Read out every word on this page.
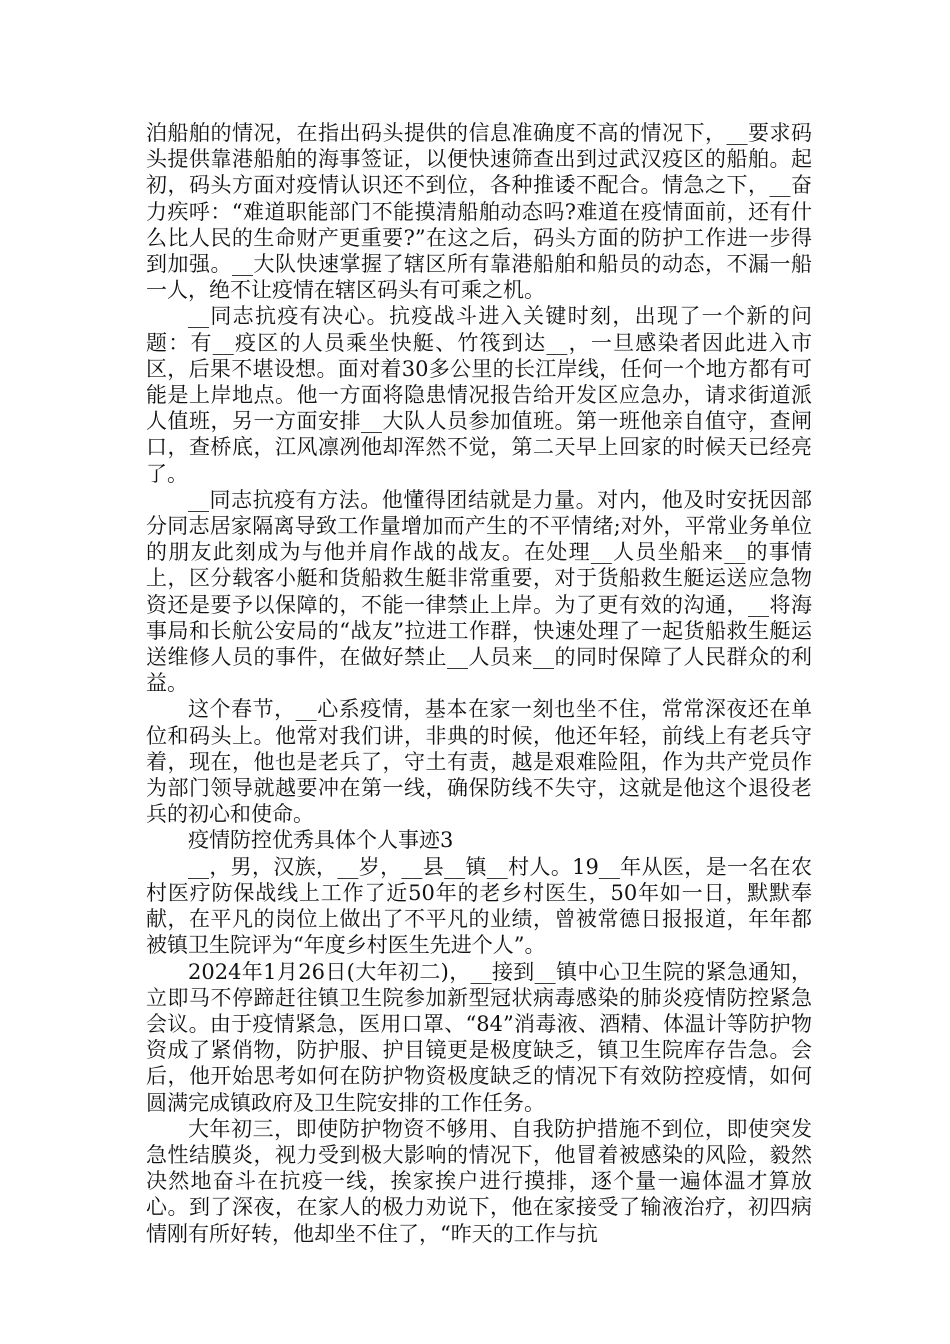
泊船舶的情况，在指出码头提供的信息准确度不高的情况下，__要求码头提供靠港船舶的海事签证，以便快速筛查出到过武汉疫区的船舶。起初，码头方面对疫情认识还不到位，各种推诿不配合。情急之下，__奋力疾呼：“难道职能部门不能摸清船舶动态吗?难道在疫情面前，还有什么比人民的生命财产更重要?”在这之后，码头方面的防护工作进一步得到加强。__大队快速掌握了辖区所有靠港船舶和船员的动态，不漏一船一人，绝不让疫情在辖区码头有可乘之机。

__同志抗疫有决心。抗疫战斗进入关键时刻，出现了一个新的问题：有__疫区的人员乘坐快艇、竹筏到达__，一旦感染者因此进入市区，后果不堪设想。面对着30多公里的长江岸线，任何一个地方都有可能是上岸地点。他一方面将隐患情况报告给开发区应急办，请求街道派人值班，另一方面安排__大队人员参加值班。第一班他亲自值守，查闸口，查桥底，江风凛冽他却浑然不觉，第二天早上回家的时候天已经亮了。

__同志抗疫有方法。他懂得团结就是力量。对内，他及时安抚因部分同志居家隔离导致工作量增加而产生的不平情绪;对外，平常业务单位的朋友此刻成为与他并肩作战的战友。在处理__人员坐船来__的事情上，区分载客小艇和货船救生艇非常重要，对于货船救生艇运送应急物资还是要予以保障的，不能一律禁止上岸。为了更有效的沟通，__将海事局和长航公安局的“战友”拉进工作群，快速处理了一起货船救生艇运送维修人员的事件，在做好禁止__人员来__的同时保障了人民群众的利益。

这个春节，__心系疫情，基本在家一刻也坐不住，常常深夜还在单位和码头上。他常对我们讲，非典的时候，他还年轻，前线上有老兵守着，现在，他也是老兵了，守土有责，越是艰难险阻，作为共产党员作为部门领导就越要冲在第一线，确保防线不失守，这就是他这个退役老兵的初心和使命。

疫情防控优秀具体个人事迹3

__，男，汉族，__岁，__县__镇__村人。19__年从医，是一名在农村医疗防保战线上工作了近50年的老乡村医生，50年如一日，默默奉献，在平凡的岗位上做出了不平凡的业绩，曾被常德日报报道，年年都被镇卫生院评为“年度乡村医生先进个人”。

2024年1月26日(大年初二)，__接到__镇中心卫生院的紧急通知，立即马不停蹄赶往镇卫生院参加新型冠状病毒感染的肺炎疫情防控紧急会议。由于疫情紧急，医用口罩、“84”消毒液、酒精、体温计等防护物资成了紧俏物，防护服、护目镜更是极度缺乏，镇卫生院库存告急。会后，他开始思考如何在防护物资极度缺乏的情况下有效防控疫情，如何圆满完成镇政府及卫生院安排的工作任务。

大年初三，即使防护物资不够用、自我防护措施不到位，即使突发急性结膜炎，视力受到极大影响的情况下，他冒着被感染的风险，毅然决然地奋斗在抗疫一线，挨家挨户进行摸排，逐个量一遍体温才算放心。到了深夜，在家人的极力劝说下，他在家接受了输液治疗，初四病情刚有所好转，他却坐不住了，“昨天的工作与抗
